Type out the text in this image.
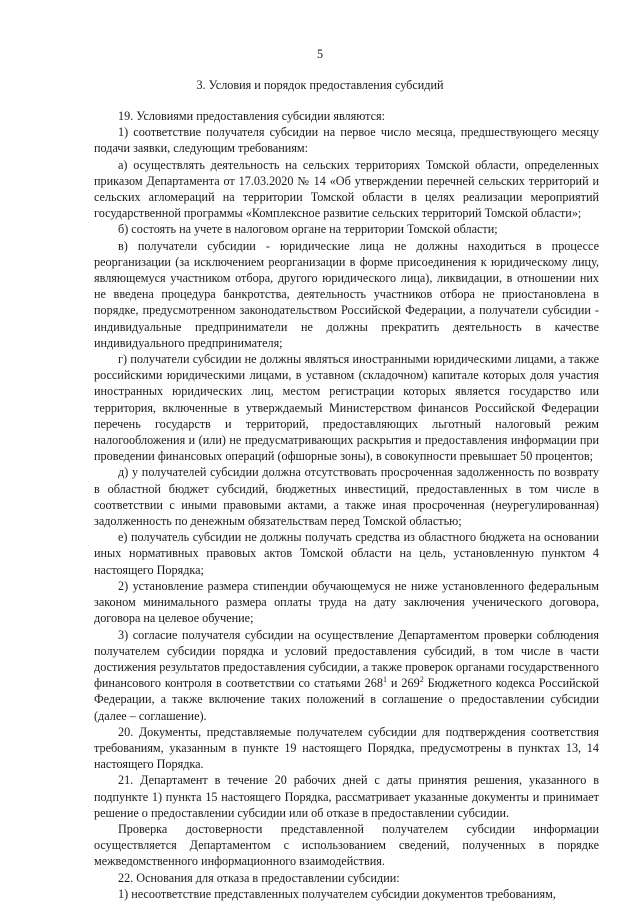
5
3. Условия и порядок предоставления субсидий

19. Условиями предоставления субсидии являются:

1) соответствие получателя субсидии на первое число месяца, предшествующего месяцу подачи заявки, следующим требованиям:

а) осуществлять деятельность на сельских территориях Томской области, определенных приказом Департамента от 17.03.2020 № 14 «Об утверждении перечней сельских территорий и сельских агломераций на территории Томской области в целях реализации мероприятий государственной программы «Комплексное развитие сельских территорий Томской области»;

б) состоять на учете в налоговом органе на территории Томской области;

в) получатели субсидии - юридические лица не должны находиться в процессе реорганизации (за исключением реорганизации в форме присоединения к юридическому лицу, являющемуся участником отбора, другого юридического лица), ликвидации, в отношении них не введена процедура банкротства, деятельность участников отбора не приостановлена в порядке, предусмотренном законодательством Российской Федерации, а получатели субсидии - индивидуальные предприниматели не должны прекратить деятельность в качестве индивидуального предпринимателя;

г) получатели субсидии не должны являться иностранными юридическими лицами, а также российскими юридическими лицами, в уставном (складочном) капитале которых доля участия иностранных юридических лиц, местом регистрации которых является государство или территория, включенные в утверждаемый Министерством финансов Российской Федерации перечень государств и территорий, предоставляющих льготный налоговый режим налогообложения и (или) не предусматривающих раскрытия и предоставления информации при проведении финансовых операций (офшорные зоны), в совокупности превышает 50 процентов;

д) у получателей субсидии должна отсутствовать просроченная задолженность по возврату в областной бюджет субсидий, бюджетных инвестиций, предоставленных в том числе в соответствии с иными правовыми актами, а также иная просроченная (неурегулированная) задолженность по денежным обязательствам перед Томской областью;

е) получатель субсидии не должны получать средства из областного бюджета на основании иных нормативных правовых актов Томской области на цель, установленную пунктом 4 настоящего Порядка;

2) установление размера стипендии обучающемуся не ниже установленного федеральным законом минимального размера оплаты труда на дату заключения ученического договора, договора на целевое обучение;

3) согласие получателя субсидии на осуществление Департаментом проверки соблюдения получателем субсидии порядка и условий предоставления субсидий, в том числе в части достижения результатов предоставления субсидии, а также проверок органами государственного финансового контроля в соответствии со статьями $268^1$ и $269^2$ Бюджетного кодекса Российской Федерации, а также включение таких положений в соглашение о предоставлении субсидии (далее – соглашение).

20. Документы, представляемые получателем субсидии для подтверждения соответствия требованиям, указанным в пункте 19 настоящего Порядка, предусмотрены в пунктах 13, 14 настоящего Порядка.

21. Департамент в течение 20 рабочих дней с даты принятия решения, указанного в подпункте 1) пункта 15 настоящего Порядка, рассматривает указанные документы и принимает решение о предоставлении субсидии или об отказе в предоставлении субсидии.

Проверка достоверности представленной получателем субсидии информации осуществляется Департаментом с использованием сведений, полученных в порядке межведомственного информационного взаимодействия.

22. Основания для отказа в предоставлении субсидии:

1) несоответствие представленных получателем субсидии документов требованиям,
